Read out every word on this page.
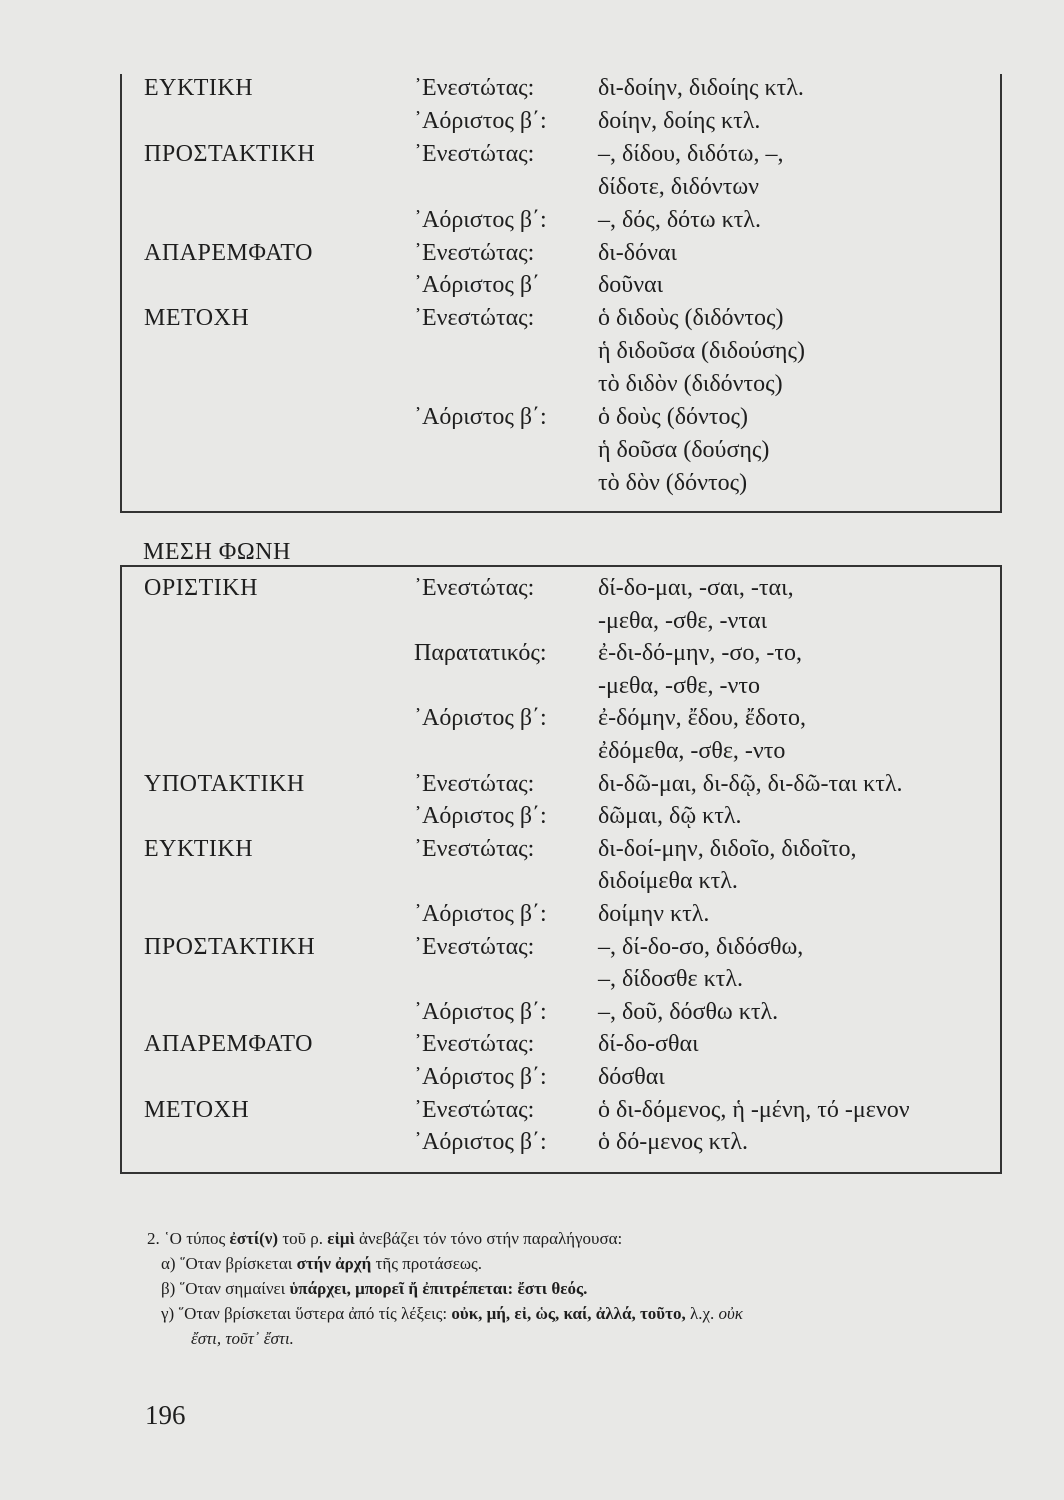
ΕΥΚΤΙΚΗ	᾿Ενεστώτας:	δι-δοίην, διδοίης κτλ.
᾿Αόριστος β΄: δοίην, δοίης κτλ.
ΠΡΟΣΤΑΚΤΙΚΗ	᾿Ενεστώτας:	–, δίδου, διδότω, –,
δίδοτε, διδόντων
᾿Αόριστος β΄: –, δός, δότω κτλ.
ΑΠΑΡΕΜΦΑΤΟ	᾿Ενεστώτας:	δι-δόναι
᾿Αόριστος β΄ δοῦναι
ΜΕΤΟΧΗ	᾿Ενεστώτας:	ὁ διδοὺς (διδόντος)
ἡ διδοῦσα (διδούσης)
τὸ διδὸν (διδόντος)
᾿Αόριστος β΄: ὁ δοὺς (δόντος)
ἡ δοῦσα (δούσης)
τὸ δὸν (δόντος)
ΜΕΣΗ ΦΩΝΗ
ΟΡΙΣΤΙΚΗ	᾿Ενεστώτας:	δί-δο-μαι, -σαι, -ται,
-μεθα, -σθε, -νται
Παρατατικός: ἐ-δι-δό-μην, -σο, -το,
-μεθα, -σθε, -ντο
᾿Αόριστος β΄: ἐ-δόμην, ἔδου, ἔδοτο,
ἐδόμεθα, -σθε, -ντο
ΥΠΟΤΑΚΤΙΚΗ	᾿Ενεστώτας:	δι-δῶ-μαι, δι-δῷ, δι-δῶ-ται κτλ.
᾿Αόριστος β΄: δῶμαι, δῷ κτλ.
ΕΥΚΤΙΚΗ	᾿Ενεστώτας:	δι-δοί-μην, διδοῖο, διδοῖτο,
διδοίμεθα κτλ.
᾿Αόριστος β΄: δοίμην κτλ.
ΠΡΟΣΤΑΚΤΙΚΗ	᾿Ενεστώτας:	–, δί-δο-σο, διδόσθω,
–, δίδοσθε κτλ.
᾿Αόριστος β΄: –, δοῦ, δόσθω κτλ.
ΑΠΑΡΕΜΦΑΤΟ	᾿Ενεστώτας:	δί-δο-σθαι
᾿Αόριστος β΄: δόσθαι
ΜΕΤΟΧΗ	᾿Ενεστώτας:	ὁ δι-δόμενος, ἡ -μένη, τό -μενον
᾿Αόριστος β΄: ὁ δό-μενος κτλ.
2. ῾Ο τύπος ἐστί(ν) τοῦ ρ. εἰμὶ ἀνεβάζει τόν τόνο στήν παραλήγουσα:
α) ῞Οταν βρίσκεται στήν ἀρχή τῆς προτάσεως.
β) ῞Οταν σημαίνει ὑπάρχει, μπορεῖ ἤ ἐπιτρέπεται: ἔστι θεός.
γ) ῞Οταν βρίσκεται ὕστερα ἀπό τίς λέξεις: οὐκ, μή, εἰ, ὡς, καί, ἀλλά, τοῦτο, λ.χ. οὐκ
ἔστι, τοῦτ᾿ ἔστι.
196
